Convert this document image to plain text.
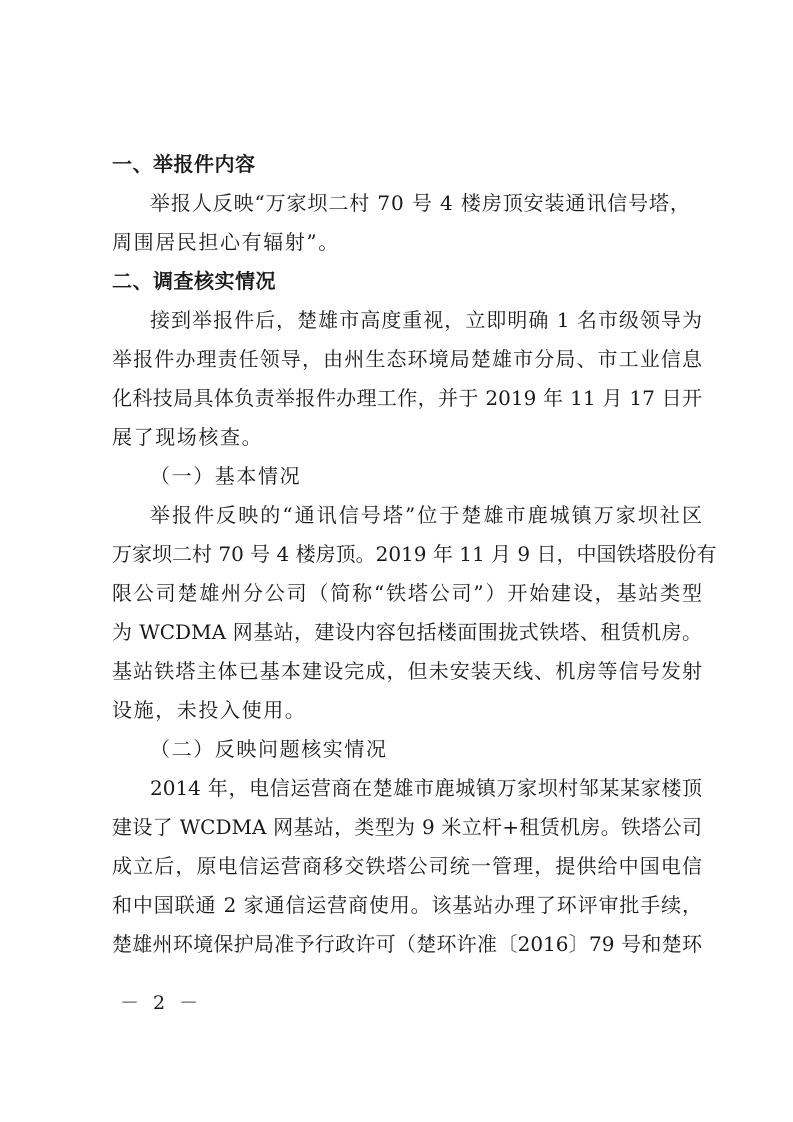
一、举报件内容
举报人反映“万家坝二村 70 号 4 楼房顶安装通讯信号塔，
周围居民担心有辐射”。
二、调查核实情况
接到举报件后，楚雄市高度重视，立即明确 1 名市级领导为
举报件办理责任领导，由州生态环境局楚雄市分局、市工业信息
化科技局具体负责举报件办理工作，并于 2019 年 11 月 17 日开
展了现场核查。
（一）基本情况
举报件反映的“通讯信号塔”位于楚雄市鹿城镇万家坝社区
万家坝二村 70 号 4 楼房顶。2019 年 11 月 9 日，中国铁塔股份有
限公司楚雄州分公司（简称“铁塔公司”）开始建设，基站类型
为 WCDMA 网基站，建设内容包括楼面围拢式铁塔、租赁机房。
基站铁塔主体已基本建设完成，但未安装天线、机房等信号发射
设施，未投入使用。
（二）反映问题核实情况
2014 年，电信运营商在楚雄市鹿城镇万家坝村邹某某家楼顶
建设了 WCDMA 网基站，类型为 9 米立杆+租赁机房。铁塔公司
成立后，原电信运营商移交铁塔公司统一管理，提供给中国电信
和中国联通 2 家通信运营商使用。该基站办理了环评审批手续，
楚雄州环境保护局准予行政许可（楚环许准〔2016〕79 号和楚环
－ 2 －
